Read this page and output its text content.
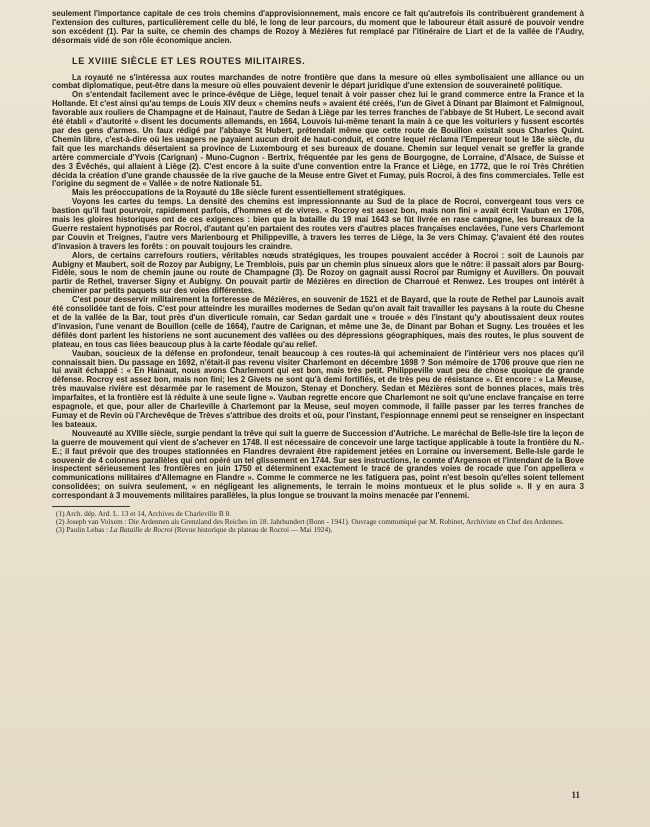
seulement l'importance capitale de ces trois chemins d'approvisionnement, mais encore ce fait qu'autrefois ils contribuèrent grandement à l'extension des cultures, particulièrement celle du blé, le long de leur parcours, du moment que le laboureur était assuré de pouvoir vendre son excédent (1). Par la suite, ce chemin des champs de Rozoy à Mézières fut remplacé par l'itinéraire de Liart et de la vallée de l'Audry, désormais vidé de son rôle économique ancien.

LE XVIIIE SIÈCLE ET LES ROUTES MILITAIRES.

La royauté ne s'intéressa aux routes marchandes de notre frontière que dans la mesure où elles symbolisaient une alliance ou un combat diplomatique, peut-être dans la mesure où elles pouvaient devenir le départ juridique d'une extension de souveraineté politique.

On s'entendait facilement avec le prince-évêque de Liège, lequel tenait à voir passer chez lui le grand commerce entre la France et la Hollande. Et c'est ainsi qu'au temps de Louis XIV deux « chemins neufs » avaient été créés, l'un de Givet à Dinant par Blaimont et Falmignoul, favorable aux rouliers de Champagne et de Hainaut, l'autre de Sedan à Liège par les terres franches de l'abbaye de St Hubert. Le second avait été établi « d'autorité » disent les documents allemands, en 1664, Louvois lui-même tenant la main à ce que les voituriers y fussent escortés par des gens d'armes. Un faux rédigé par l'abbaye St Hubert, prétendait même que cette route de Bouillon existait sous Charles Quint. Chemin libre, c'est-à-dire où les usagers ne payaient aucun droit de haut-conduit, et contre lequel réclama l'Empereur tout le 18e siècle, du fait que les marchands désertaient sa province de Luxembourg et ses bureaux de douane. Chemin sur lequel venait se greffer la grande artère commerciale d'Yvois (Carignan) - Muno-Cugnon - Bertrix, fréquentée par les gens de Bourgogne, de Lorraine, d'Alsace, de Suisse et des 3 Évêchés, qui allaient à Liège (2). C'est encore à la suite d'une convention entre la France et Liège, en 1772, que le roi Très Chrétien décida la création d'une grande chaussée de la rive gauche de la Meuse entre Givet et Fumay, puis Rocroi, à des fins commerciales. Telle est l'origine du segment de « Vallée » de notre Nationale 51.

Mais les préoccupations de la Royauté du 18e siècle furent essentiellement stratégiques.

Voyons les cartes du temps. La densité des chemins est impressionnante au Sud de la place de Rocroi, convergeant tous vers ce bastion qu'il faut pourvoir, rapidement parfois, d'hommes et de vivres. « Rocroy est assez bon, mais non fini » avait écrit Vauban en 1706, mais les gloires historiques ont de ces exigences : bien que la bataille du 19 mai 1643 se fût livrée en rase campagne, les bureaux de la Guerre restaient hypnotisés par Rocroi, d'autant qu'en partaient des routes vers d'autres places françaises enclavées, l'une vers Charlemont par Couvin et Treignes, l'autre vers Marienbourg et Philippeville, à travers les terres de Liège, la 3e vers Chimay. Ç'avaient été des routes d'invasion à travers les forêts : on pouvait toujours les craindre.

Alors, de certains carrefours routiers, véritables nœuds stratégiques, les troupes pouvaient accéder à Rocroi : soit de Launois par Aubigny et Maubert, soit de Rozoy par Aubigny, Le Tremblois, puis par un chemin plus sinueux alors que le nôtre: il passait alors par Bourg-Fidèle, sous le nom de chemin jaune ou route de Champagne (3). De Rozoy on gagnait aussi Rocroi par Rumigny et Auvillers. On pouvait partir de Rethel, traverser Signy et Aubigny. On pouvait partir de Mézières en direction de Charroué et Renwez. Les troupes ont intérêt à cheminer par petits paquets sur des voies différentes.

C'est pour desservir militairement la forteresse de Mézières, en souvenir de 1521 et de Bayard, que la route de Rethel par Launois avait été consolidée tant de fois. C'est pour atteindre les murailles modernes de Sedan qu'on avait fait travailler les paysans à la route du Chesne et de la vallée de la Bar, tout près d'un diverticule romain, car Sedan gardait une « trouée » dès l'instant qu'y aboutissaient deux routes d'invasion, l'une venant de Bouillon (celle de 1664), l'autre de Carignan, et même une 3e, de Dinant par Bohan et Sugny. Les trouées et les défilés dont parlent les historiens ne sont aucunement des vallées ou des dépressions géographiques, mais des routes, le plus souvent de plateau, en tous cas liées beaucoup plus à la carte féodale qu'au relief.

Vauban, soucieux de la défense en profondeur, tenait beaucoup à ces routes-là qui acheminaient de l'intérieur vers nos places qu'il connaissait bien. Du passage en 1692, n'était-il pas revenu visiter Charlemont en décembre 1698 ? Son mémoire de 1706 prouve que rien ne lui avait échappé : « En Hainaut, nous avons Charlemont qui est bon, mais très petit. Philippeville vaut peu de chose quoique de grande défense. Rocroy est assez bon, mais non fini; les 2 Givets ne sont qu'à demi fortifiés, et de très peu de résistance ». Et encore : « La Meuse, très mauvaise rivière est désarmée par le rasement de Mouzon, Stenay et Donchery. Sedan et Mézières sont de bonnes places, mais très imparfaites, et la frontière est là réduite à une seule ligne ». Vauban regrette encore que Charlemont ne soit qu'une enclave française en terre espagnole, et que, pour aller de Charleville à Charlemont par la Meuse, seul moyen commode, il faille passer par les terres franches de Fumay et de Revin où l'Archevêque de Trèves s'attribue des droits et où, pour l'instant, l'espionnage ennemi peut se renseigner en inspectant les bateaux.

Nouveauté au XVIIIe siècle, surgie pendant la trêve qui suit la guerre de Succession d'Autriche. Le maréchal de Belle-Isle tire la leçon de la guerre de mouvement qui vient de s'achever en 1748. Il est nécessaire de concevoir une large tactique applicable à toute la frontière du N.-E.; il faut prévoir que des troupes stationnées en Flandres devraient être rapidement jetées en Lorraine ou inversement. Belle-Isle garde le souvenir de 4 colonnes parallèles qui ont opéré un tel glissement en 1744. Sur ses instructions, le comte d'Argenson et l'intendant de la Bove inspectent sérieusement les frontières en juin 1750 et déterminent exactement le tracé de grandes voies de rocade que l'on appellera « communications militaires d'Allemagne en Flandre ». Comme le commerce ne les fatiguera pas, point n'est besoin qu'elles soient tellement consolidées; on suivra seulement, « en négligeant les alignements, le terrain le moins montueux et le plus solide ». Il y en aura 3 correspondant à 3 mouvements militaires parallèles, la plus longue se trouvant la moins menacée par l'ennemi.

(1) Arch. dép. Ard. L. 13 et 14, Archives de Charleville B 8.

(2) Joseph van Volxem : Die Ardennen als Grenzland des Reiches im 18. Jahrhundert (Bonn - 1941). Ouvrage communiqué par M. Robinet, Archiviste en Chef des Ardennes.

(3) Paulin Lebas : La Bataille de Rocroi (Revue historique du plateau de Rocroi — Mai 1924).

11
